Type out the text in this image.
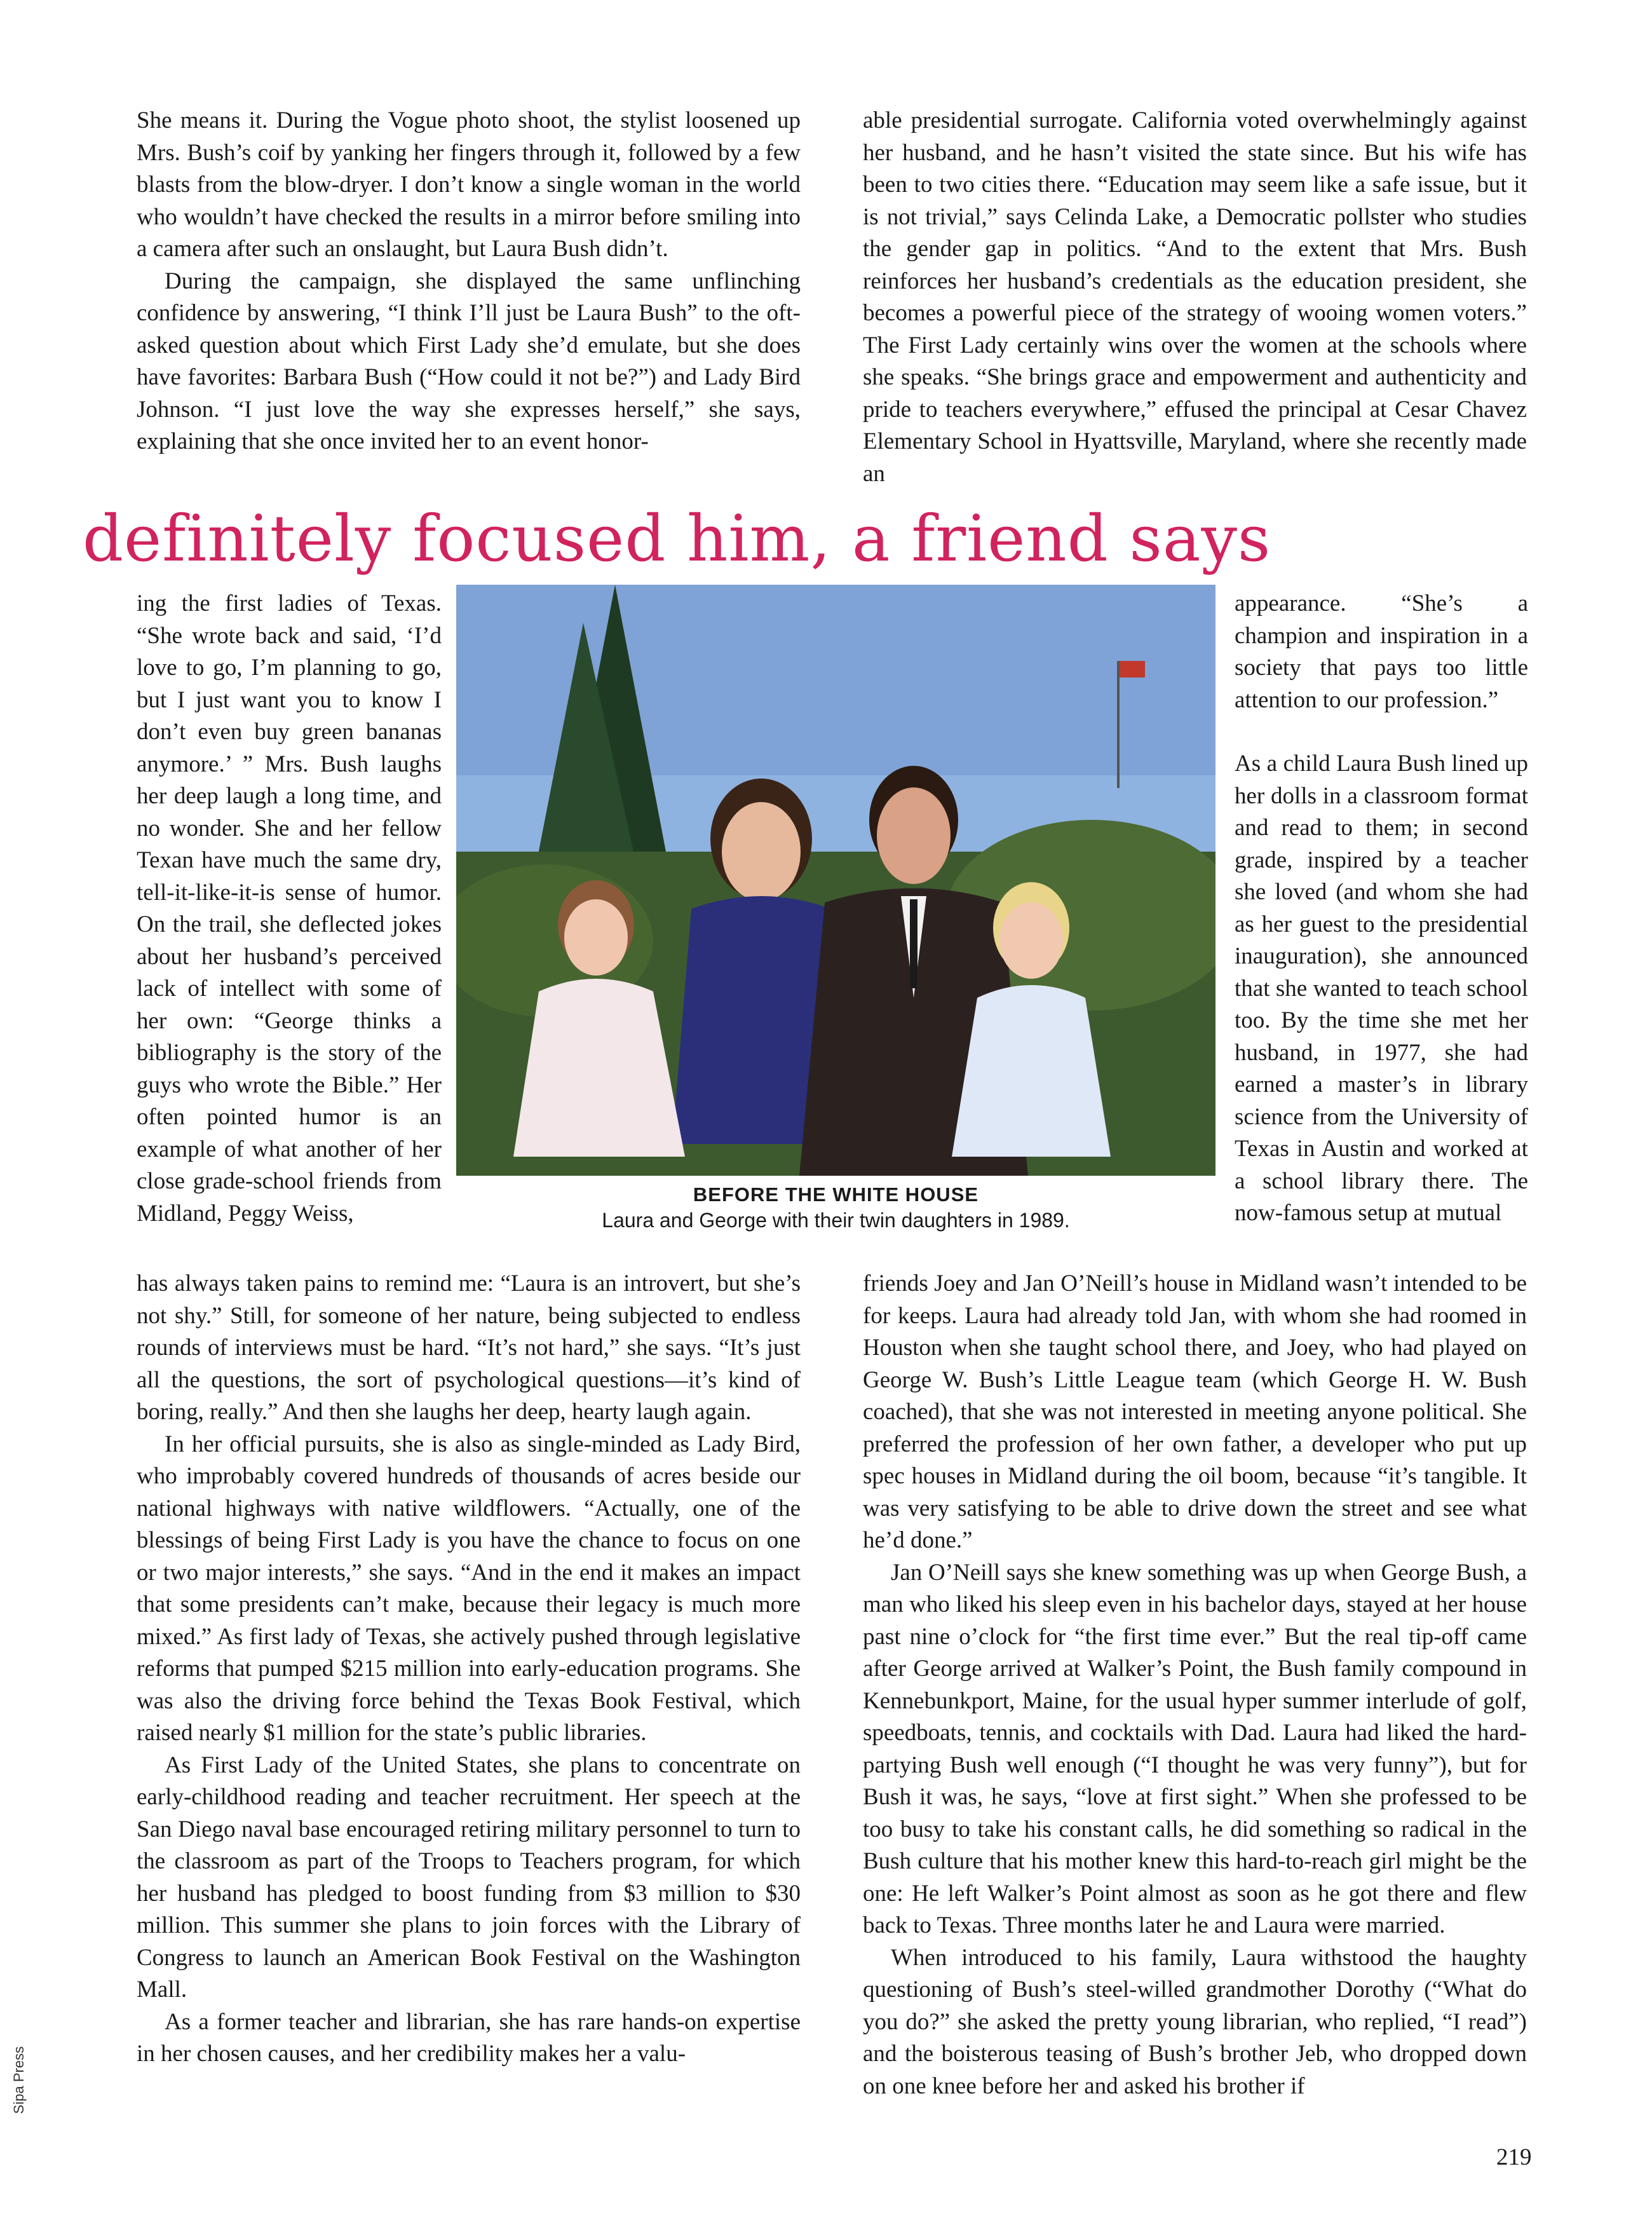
She means it. During the Vogue photo shoot, the stylist loosened up Mrs. Bush’s coif by yanking her fingers through it, followed by a few blasts from the blow-dryer. I don’t know a single woman in the world who wouldn’t have checked the results in a mirror before smiling into a camera after such an onslaught, but Laura Bush didn’t.

During the campaign, she displayed the same unflinching confidence by answering, “I think I’ll just be Laura Bush” to the oft-asked question about which First Lady she’d emulate, but she does have favorites: Barbara Bush (“How could it not be?”) and Lady Bird Johnson. “I just love the way she expresses herself,” she says, explaining that she once invited her to an event honor-

able presidential surrogate. California voted overwhelmingly against her husband, and he hasn’t visited the state since. But his wife has been to two cities there. “Education may seem like a safe issue, but it is not trivial,” says Celinda Lake, a Democratic pollster who studies the gender gap in politics. “And to the extent that Mrs. Bush reinforces her husband’s credentials as the education president, she becomes a powerful piece of the strategy of wooing women voters.” The First Lady certainly wins over the women at the schools where she speaks. “She brings grace and empowerment and authenticity and pride to teachers everywhere,” effused the principal at Cesar Chavez Elementary School in Hyattsville, Maryland, where she recently made an

definitely focused him, a friend says

ing the first ladies of Texas. “She wrote back and said, ‘I’d love to go, I’m planning to go, but I just want you to know I don’t even buy green bananas anymore.’ ” Mrs. Bush laughs her deep laugh a long time, and no wonder. She and her fellow Texan have much the same dry, tell-it-like-it-is sense of humor. On the trail, she deflected jokes about her husband’s perceived lack of intellect with some of her own: “George thinks a bibliography is the story of the guys who wrote the Bible.” Her often pointed humor is an example of what another of her close grade-school friends from Midland, Peggy Weiss,

BEFORE THE WHITE HOUSE
Laura and George with their twin daughters in 1989.

appearance. “She’s a champion and inspiration in a society that pays too little attention to our profession.”

As a child Laura Bush lined up her dolls in a classroom format and read to them; in second grade, inspired by a teacher she loved (and whom she had as her guest to the presidential inauguration), she announced that she wanted to teach school too. By the time she met her husband, in 1977, she had earned a master’s in library science from the University of Texas in Austin and worked at a school library there. The now-famous setup at mutual

has always taken pains to remind me: “Laura is an introvert, but she’s not shy.” Still, for someone of her nature, being subjected to endless rounds of interviews must be hard. “It’s not hard,” she says. “It’s just all the questions, the sort of psychological questions—it’s kind of boring, really.” And then she laughs her deep, hearty laugh again.

In her official pursuits, she is also as single-minded as Lady Bird, who improbably covered hundreds of thousands of acres beside our national highways with native wildflowers. “Actually, one of the blessings of being First Lady is you have the chance to focus on one or two major interests,” she says. “And in the end it makes an impact that some presidents can’t make, because their legacy is much more mixed.” As first lady of Texas, she actively pushed through legislative reforms that pumped $215 million into early-education programs. She was also the driving force behind the Texas Book Festival, which raised nearly $1 million for the state’s public libraries.

As First Lady of the United States, she plans to concentrate on early-childhood reading and teacher recruitment. Her speech at the San Diego naval base encouraged retiring military personnel to turn to the classroom as part of the Troops to Teachers program, for which her husband has pledged to boost funding from $3 million to $30 million. This summer she plans to join forces with the Library of Congress to launch an American Book Festival on the Washington Mall.

As a former teacher and librarian, she has rare hands-on expertise in her chosen causes, and her credibility makes her a valu-

friends Joey and Jan O’Neill’s house in Midland wasn’t intended to be for keeps. Laura had already told Jan, with whom she had roomed in Houston when she taught school there, and Joey, who had played on George W. Bush’s Little League team (which George H. W. Bush coached), that she was not interested in meeting anyone political. She preferred the profession of her own father, a developer who put up spec houses in Midland during the oil boom, because “it’s tangible. It was very satisfying to be able to drive down the street and see what he’d done.”

Jan O’Neill says she knew something was up when George Bush, a man who liked his sleep even in his bachelor days, stayed at her house past nine o’clock for “the first time ever.” But the real tip-off came after George arrived at Walker’s Point, the Bush family compound in Kennebunkport, Maine, for the usual hyper summer interlude of golf, speedboats, tennis, and cocktails with Dad. Laura had liked the hard-partying Bush well enough (“I thought he was very funny”), but for Bush it was, he says, “love at first sight.” When she professed to be too busy to take his constant calls, he did something so radical in the Bush culture that his mother knew this hard-to-reach girl might be the one: He left Walker’s Point almost as soon as he got there and flew back to Texas. Three months later he and Laura were married.

When introduced to his family, Laura withstood the haughty questioning of Bush’s steel-willed grandmother Dorothy (“What do you do?” she asked the pretty young librarian, who replied, “I read”) and the boisterous teasing of Bush’s brother Jeb, who dropped down on one knee before her and asked his brother if

Sipa Press
219
